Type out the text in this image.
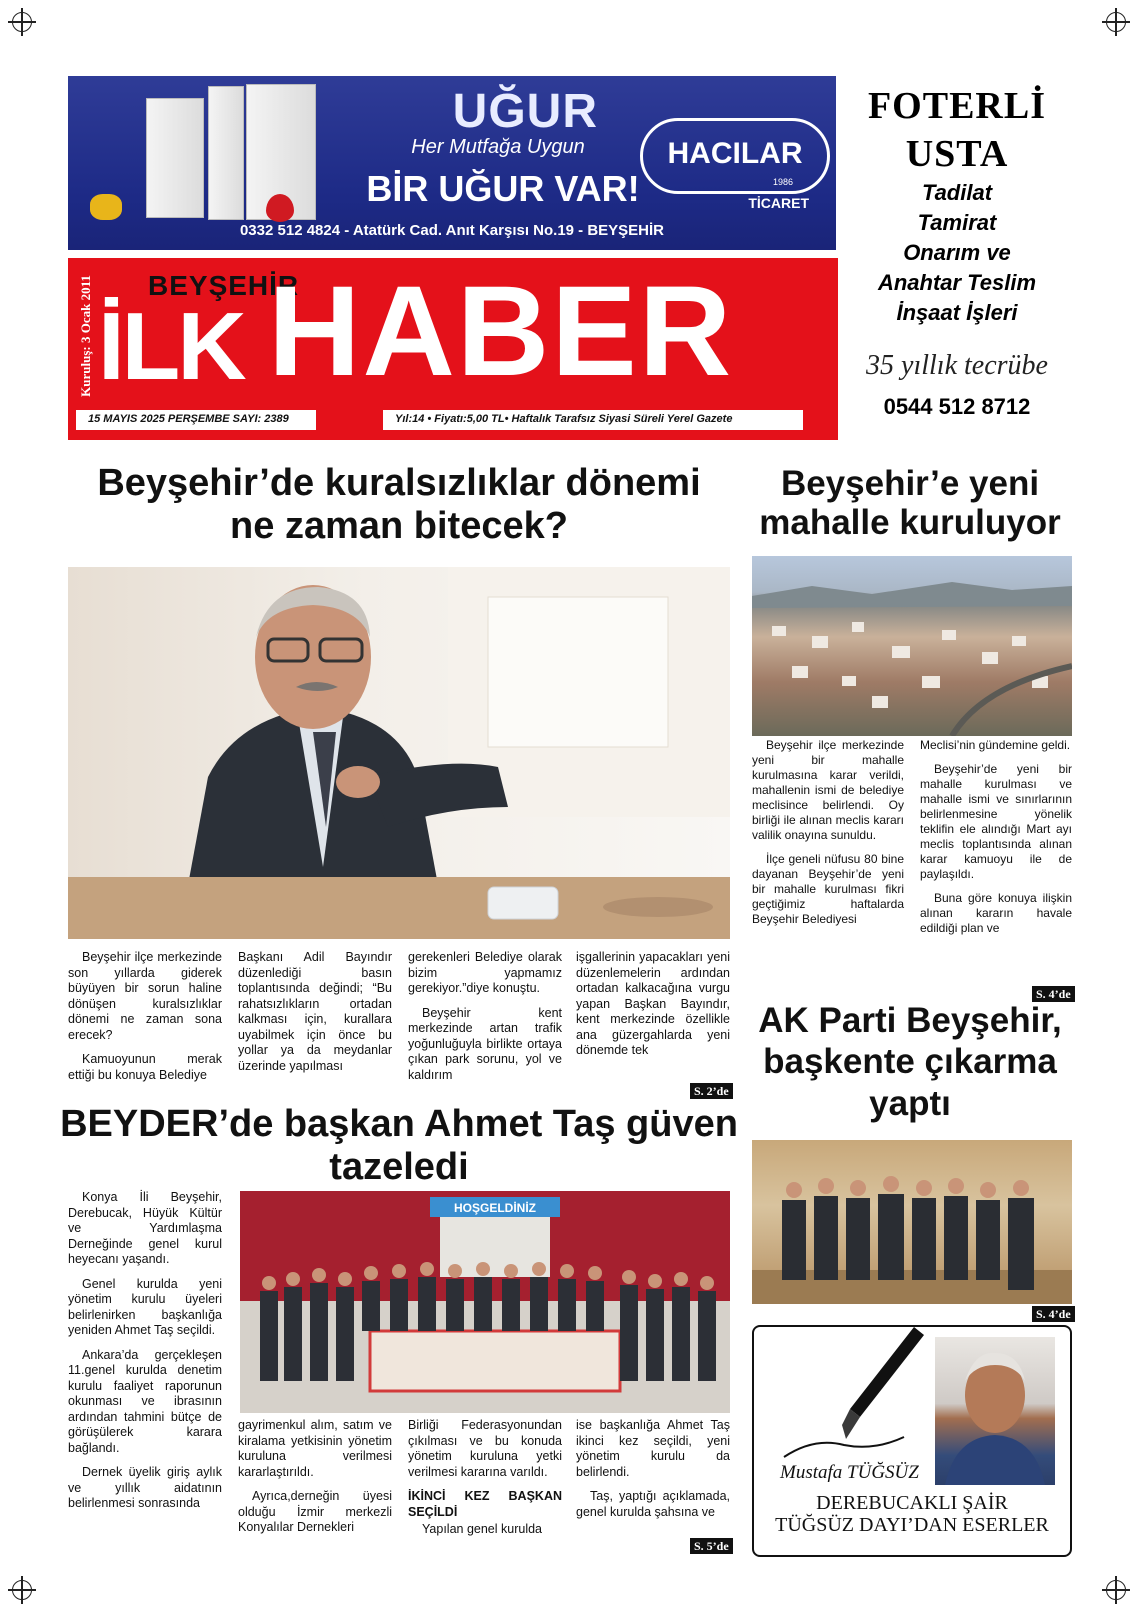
UĞUR
Her Mutfağa Uygun
BİR UĞUR VAR!
HACILAR
1986
TİCARET
0332 512 4824 - Atatürk Cad. Anıt Karşısı No.19 - BEYŞEHİR
Kuruluş: 3 Ocak 2011 BEYŞEHİR
İLK HABER
15 MAYIS 2025 PERŞEMBE SAYI: 2389	Yıl:14 • Fiyatı:5,00 TL• Haftalık Tarafsız Siyasi Süreli Yerel Gazete
FOTERLİ
USTA
Tadilat
Tamirat
Onarım ve
Anahtar Teslim
İnşaat İşleri
35 yıllık tecrübe
0544 512 8712
Beyşehir’de kuralsızlıklar dönemi
ne zaman bitecek?

Beyşehir ilçe merkezinde son yıllarda giderek büyüyen bir sorun haline dönüşen kuralsızlıklar dönemi ne zaman sona erecek?

Kamuoyunun merak ettiği bu konuya Belediye

Başkanı Adil Bayındır düzenlediği basın toplantısında değindi; “Bu rahatsızlıkların ortadan kalkması için, kurallara uyabilmek için önce bu yollar ya da meydanlar üzerinde yapılması

gerekenleri Belediye olarak bizim yapmamız gerekiyor.”diye konuştu.

Beyşehir kent merkezinde artan trafik yoğunluğuyla birlikte ortaya çıkan park sorunu, yol ve kaldırım

işgallerinin yapacakları yeni düzenlemelerin ardından ortadan kalkacağına vurgu yapan Başkan Bayındır, kent merkezinde özellikle ana güzergahlarda yeni dönemde tek

S. 2’de
Beyşehir’e yeni
mahalle kuruluyor

Beyşehir ilçe merkezinde yeni bir mahalle kurulmasına karar verildi, mahallenin ismi de belediye meclisince belirlendi. Oy birliği ile alınan meclis kararı valilik onayına sunuldu.

İlçe geneli nüfusu 80 bine dayanan Beyşehir’de yeni bir mahalle kurulması fikri geçtiğimiz haftalarda Beyşehir Belediyesi

Meclisi’nin gündemine geldi.

Beyşehir’de yeni bir mahalle kurulması ve mahalle ismi ve sınırlarının belirlenmesine yönelik teklifin ele alındığı Mart ayı meclis toplantısında alınan karar kamuoyu ile de paylaşıldı.

Buna göre konuya ilişkin alınan kararın havale edildiği plan ve

S. 4’de
AK Parti Beyşehir,
başkente çıkarma
yaptı
S. 4’de
BEYDER’de başkan Ahmet Taş güven
tazeledi

Konya İli Beyşehir, Derebucak, Hüyük Kültür ve Yardımlaşma Derneğinde genel kurul heyecanı yaşandı.

Genel kurulda yeni yönetim kurulu üyeleri belirlenirken başkanlığa yeniden Ahmet Taş seçildi.

Ankara’da gerçekleşen 11.genel kurulda denetim kurulu faaliyet raporunun okunması ve ibrasının ardından tahmini bütçe de görüşülerek karara bağlandı.

Dernek üyelik giriş aylık ve yıllık aidatının belirlenmesi sonrasında

HOŞGELDİNİZ

gayrimenkul alım, satım ve kiralama yetkisinin yönetim kuruluna verilmesi kararlaştırıldı.

Ayrıca,derneğin üyesi olduğu İzmir merkezli Konyalılar Dernekleri

Birliği Federasyonundan çıkılması ve bu konuda yönetim kuruluna yetki verilmesi kararına varıldı.

İKİNCİ KEZ BAŞKAN SEÇİLDİ

Yapılan genel kurulda

ise başkanlığa Ahmet Taş ikinci kez seçildi, yeni yönetim kurulu da belirlendi.

Taş, yaptığı açıklamada, genel kurulda şahsına ve

S. 5’de
Mustafa TÜĞSÜZ
DEREBUCAKLI ŞAİR
TÜĞSÜZ DAYI’DAN ESERLER
